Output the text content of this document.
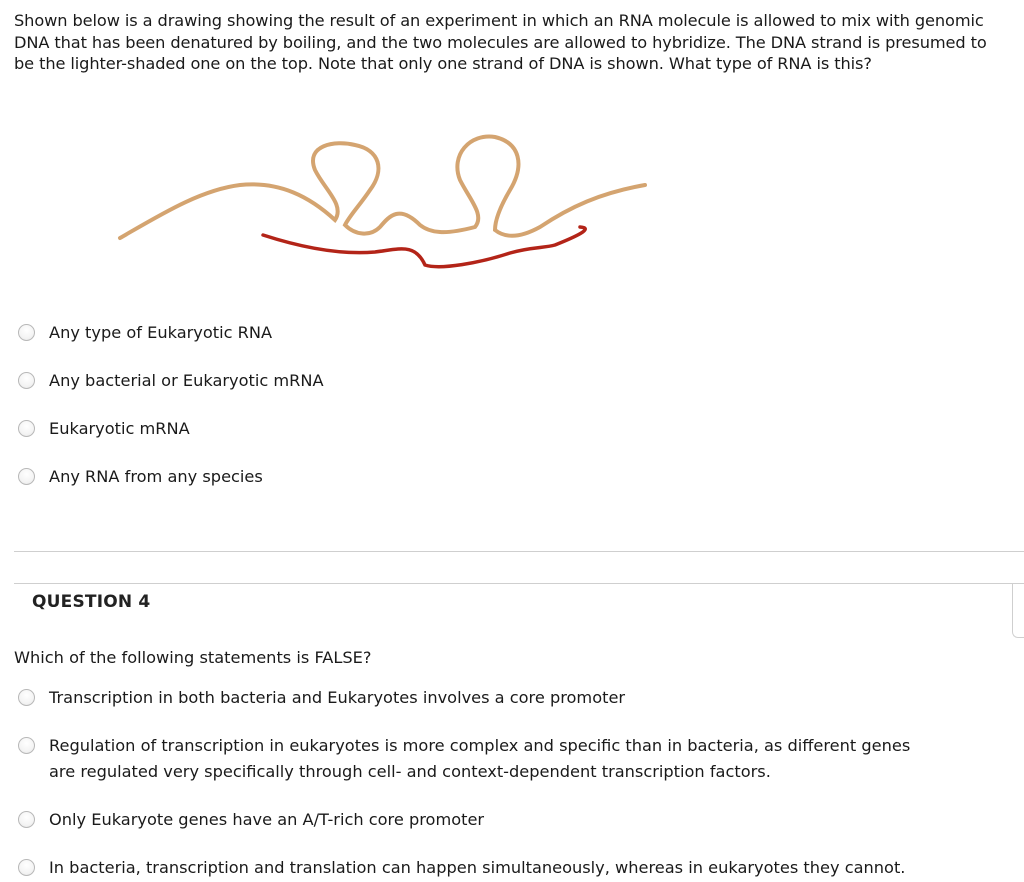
Shown below is a drawing showing the result of an experiment in which an RNA molecule is allowed to mix with genomic DNA that has been denatured by boiling, and the two molecules are allowed to hybridize. The DNA strand is presumed to be the lighter-shaded one on the top. Note that only one strand of DNA is shown. What type of RNA is this?
Any type of Eukaryotic RNA
Any bacterial or Eukaryotic mRNA
Eukaryotic mRNA
Any RNA from any species
QUESTION 4
Which of the following statements is FALSE?
Transcription in both bacteria and Eukaryotes involves a core promoter
Regulation of transcription in eukaryotes is more complex and specific than in bacteria, as different genes are regulated very specifically through cell- and context-dependent transcription factors.
Only Eukaryote genes have an A/T-rich core promoter
In bacteria, transcription and translation can happen simultaneously, whereas in eukaryotes they cannot.
